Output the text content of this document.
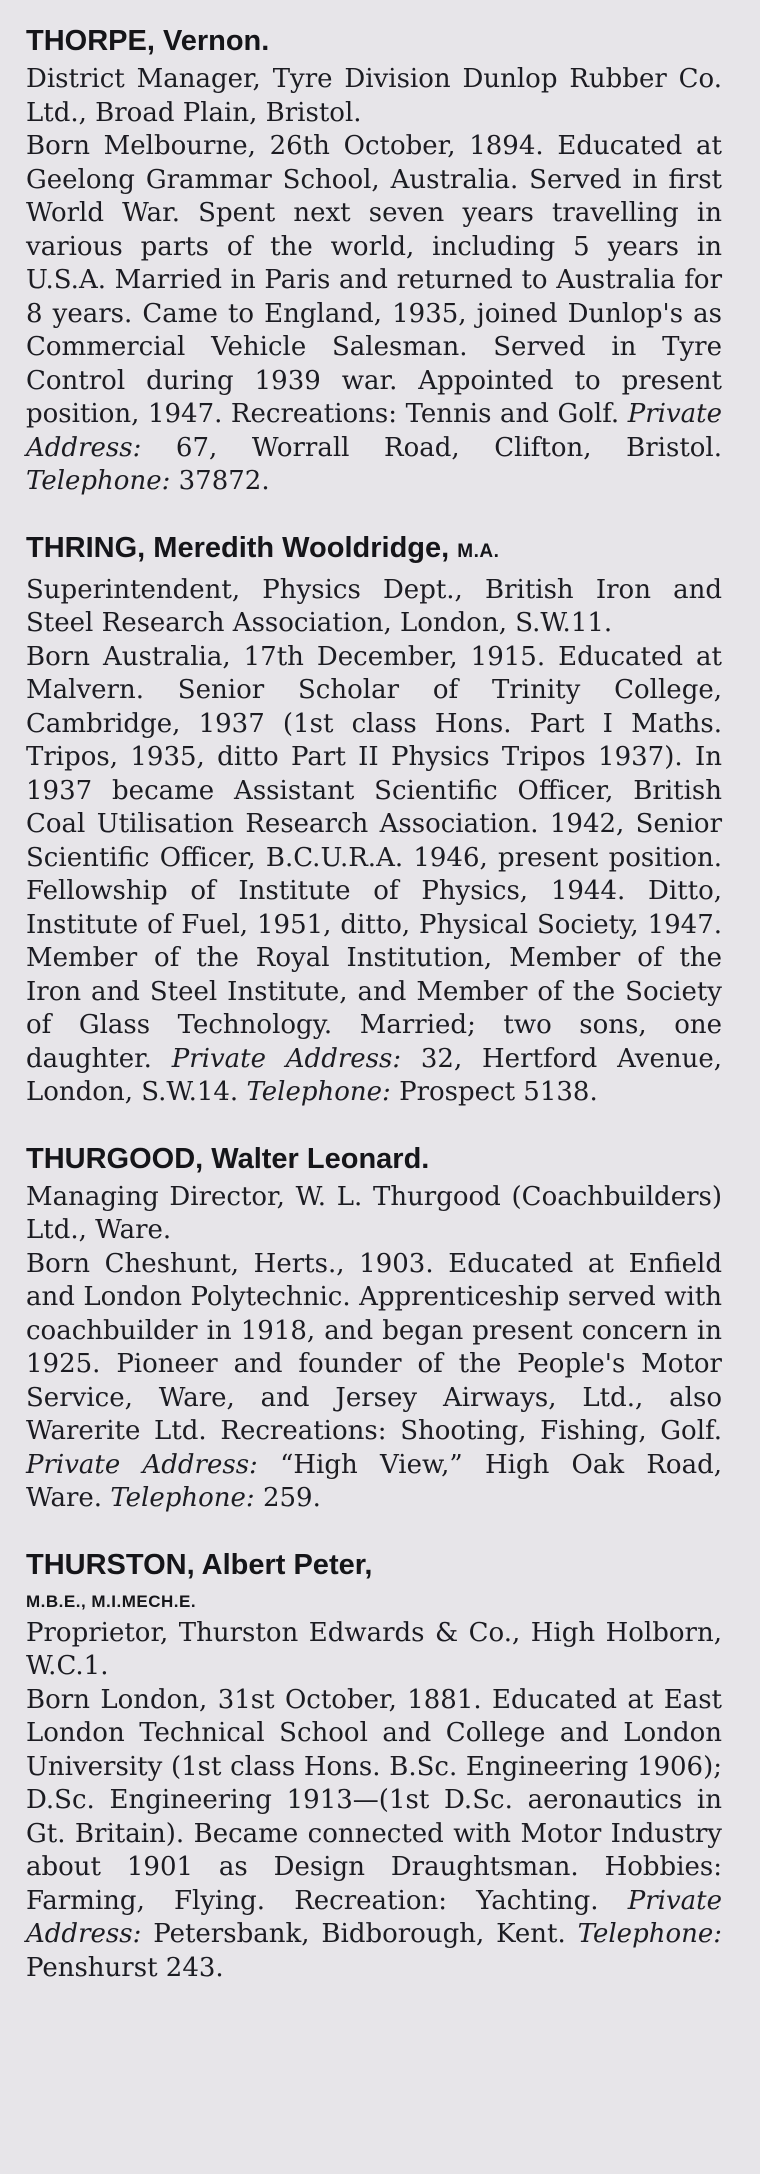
THORPE, Vernon.

District Manager, Tyre Division Dunlop Rubber Co. Ltd., Broad Plain, Bristol.

Born Melbourne, 26th October, 1894. Educated at Geelong Grammar School, Australia. Served in first World War. Spent next seven years travelling in various parts of the world, including 5 years in U.S.A. Married in Paris and returned to Australia for 8 years. Came to England, 1935, joined Dunlop's as Commercial Vehicle Salesman. Served in Tyre Control during 1939 war. Appointed to present position, 1947. Recreations: Tennis and Golf. Private Address: 67, Worrall Road, Clifton, Bristol. Telephone: 37872.

THRING, Meredith Wooldridge, M.A.

Superintendent, Physics Dept., British Iron and Steel Research Association, London, S.W.11.

Born Australia, 17th December, 1915. Educated at Malvern. Senior Scholar of Trinity College, Cambridge, 1937 (1st class Hons. Part I Maths. Tripos, 1935, ditto Part II Physics Tripos 1937). In 1937 became Assistant Scientific Officer, British Coal Utilisation Research Association. 1942, Senior Scientific Officer, B.C.U.R.A. 1946, present position. Fellowship of Institute of Physics, 1944. Ditto, Institute of Fuel, 1951, ditto, Physical Society, 1947. Member of the Royal Institution, Member of the Iron and Steel Institute, and Member of the Society of Glass Technology. Married; two sons, one daughter. Private Address: 32, Hertford Avenue, London, S.W.14. Telephone: Prospect 5138.

THURGOOD, Walter Leonard.

Managing Director, W. L. Thurgood (Coachbuilders) Ltd., Ware.

Born Cheshunt, Herts., 1903. Educated at Enfield and London Polytechnic. Apprenticeship served with coachbuilder in 1918, and began present concern in 1925. Pioneer and founder of the People's Motor Service, Ware, and Jersey Airways, Ltd., also Warerite Ltd. Recreations: Shooting, Fishing, Golf. Private Address: “High View,” High Oak Road, Ware. Telephone: 259.

THURSTON, Albert Peter,
M.B.E., M.I.MECH.E.

Proprietor, Thurston Edwards & Co., High Holborn, W.C.1.

Born London, 31st October, 1881. Educated at East London Technical School and College and London University (1st class Hons. B.Sc. Engineering 1906); D.Sc. Engineering 1913—(1st D.Sc. aeronautics in Gt. Britain). Became connected with Motor Industry about 1901 as Design Draughtsman. Hobbies: Farming, Flying. Recreation: Yachting. Private Address: Petersbank, Bidborough, Kent. Telephone: Penshurst 243.
